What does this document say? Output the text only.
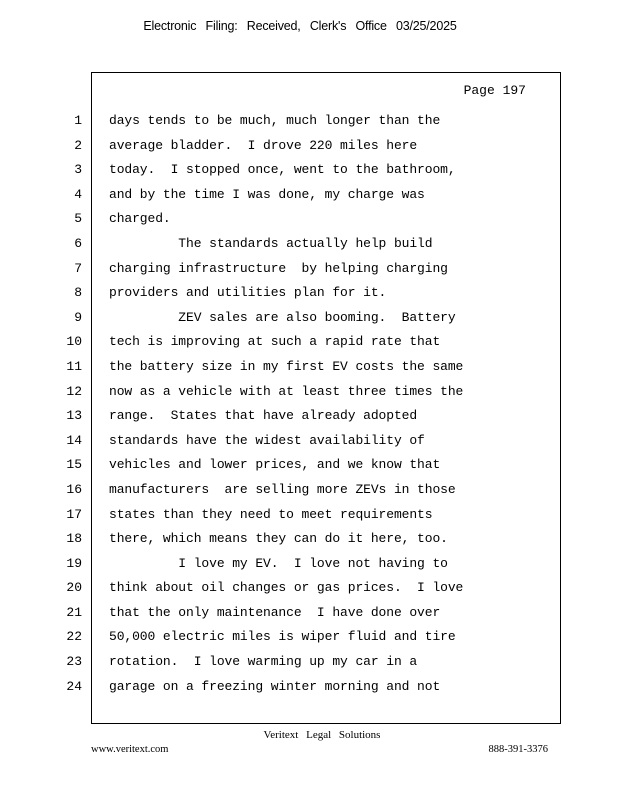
Electronic Filing: Received, Clerk's Office 03/25/2025
Page 197
1
2
3
4
5
6
7
8
9
10
11
12
13
14
15
16
17
18
19
20
21
22
23
24
days tends to be much, much longer than the
average bladder.  I drove 220 miles here
today.  I stopped once, went to the bathroom,
and by the time I was done, my charge was
charged.
The standards actually help build
charging infrastructure  by helping charging
providers and utilities plan for it.
ZEV sales are also booming.  Battery
tech is improving at such a rapid rate that
the battery size in my first EV costs the same
now as a vehicle with at least three times the
range.  States that have already adopted
standards have the widest availability of
vehicles and lower prices, and we know that
manufacturers  are selling more ZEVs in those
states than they need to meet requirements
there, which means they can do it here, too.
I love my EV.  I love not having to
think about oil changes or gas prices.  I love
that the only maintenance  I have done over
50,000 electric miles is wiper fluid and tire
rotation.  I love warming up my car in a
garage on a freezing winter morning and not
Veritext Legal Solutions
www.veritext.com	888-391-3376
